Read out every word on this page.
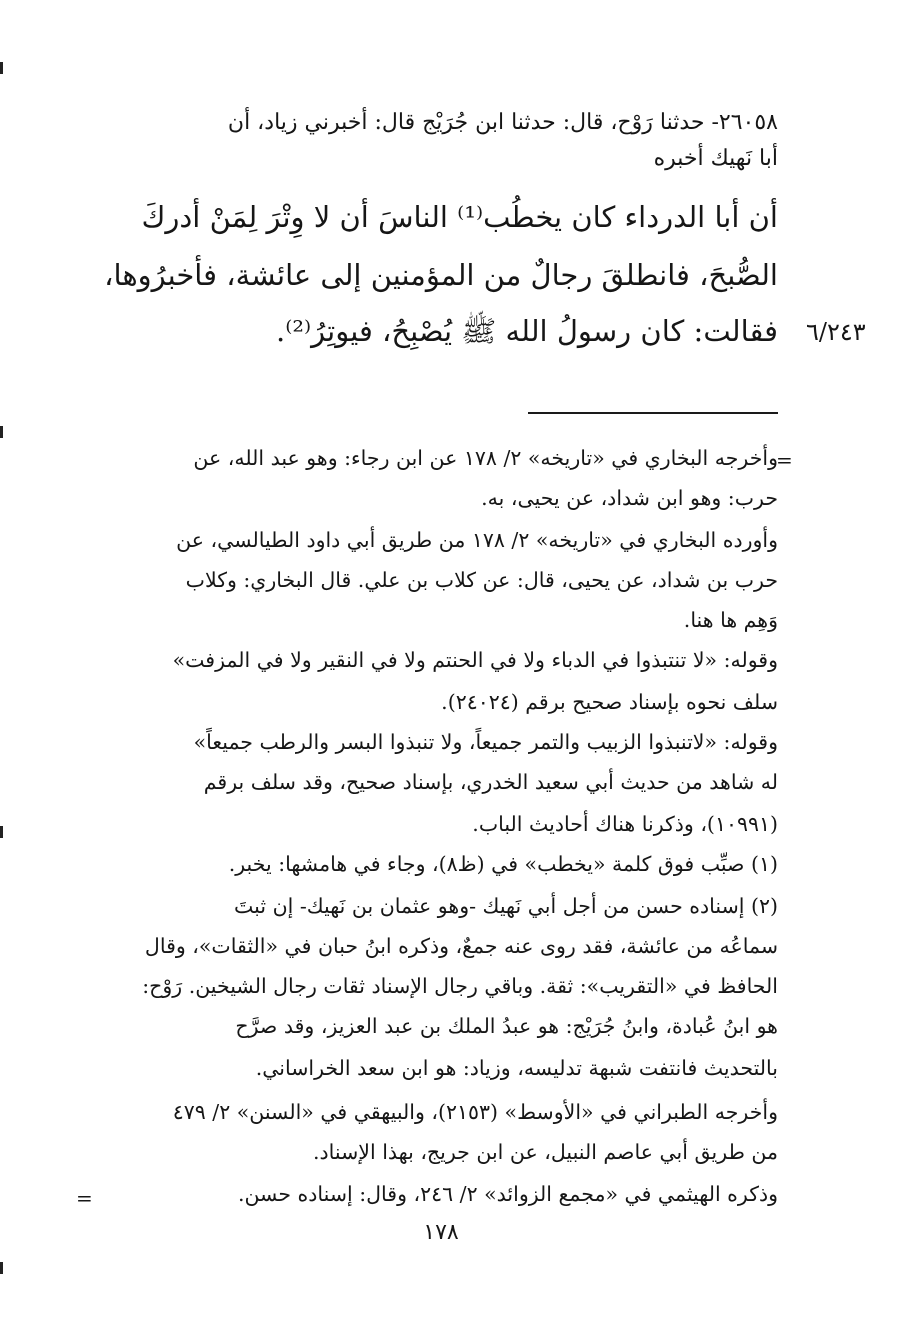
٢٦٠٥٨- حدثنا رَوْح، قال: حدثنا ابن جُرَيْج قال: أخبرني زياد، أن
أبا نَهيك أخبره
أن أبا الدرداء كان يخطُب⁽¹⁾ الناسَ أن لا وِتْرَ لِمَنْ أدركَ
الصُّبحَ، فانطلقَ رجالٌ من المؤمنين إلى عائشة، فأخبرُوها،
فقالت: كان رسولُ الله ﷺ يُصْبِحُ، فيوتِرُ⁽²⁾. ٦/٢٤٣
=
وأخرجه البخاري في «تاريخه» ٢/ ١٧٨ عن ابن رجاء: وهو عبد الله، عن
حرب: وهو ابن شداد، عن يحيى، به.
وأورده البخاري في «تاريخه» ٢/ ١٧٨ من طريق أبي داود الطيالسي، عن
حرب بن شداد، عن يحيى، قال: عن كلاب بن علي. قال البخاري: وكلاب
وَهِم ها هنا.
وقوله: «لا تنتبذوا في الدباء ولا في الحنتم ولا في النقير ولا في المزفت»
سلف نحوه بإسناد صحيح برقم (٢٤٠٢٤).
وقوله: «لاتنبذوا الزبيب والتمر جميعاً، ولا تنبذوا البسر والرطب جميعاً»
له شاهد من حديث أبي سعيد الخدري، بإسناد صحيح، وقد سلف برقم
(١٠٩٩١)، وذكرنا هناك أحاديث الباب.
(١) صبِّب فوق كلمة «يخطب» في (ظ٨)، وجاء في هامشها: يخبر.
(٢) إسناده حسن من أجل أبي نَهيك -وهو عثمان بن نَهيك- إن ثبتَ
سماعُه من عائشة، فقد روى عنه جمعٌ، وذكره ابنُ حبان في «الثقات»، وقال
الحافظ في «التقريب»: ثقة. وباقي رجال الإسناد ثقات رجال الشيخين. رَوْح:
هو ابنُ عُبادة، وابنُ جُرَيْج: هو عبدُ الملك بن عبد العزيز، وقد صرَّح
بالتحديث فانتفت شبهة تدليسه، وزياد: هو ابن سعد الخراساني.
وأخرجه الطبراني في «الأوسط» (٢١٥٣)، والبيهقي في «السنن» ٢/ ٤٧٩
من طريق أبي عاصم النبيل، عن ابن جريج، بهذا الإسناد.
وذكره الهيثمي في «مجمع الزوائد» ٢/ ٢٤٦، وقال: إسناده حسن.
=
١٧٨
